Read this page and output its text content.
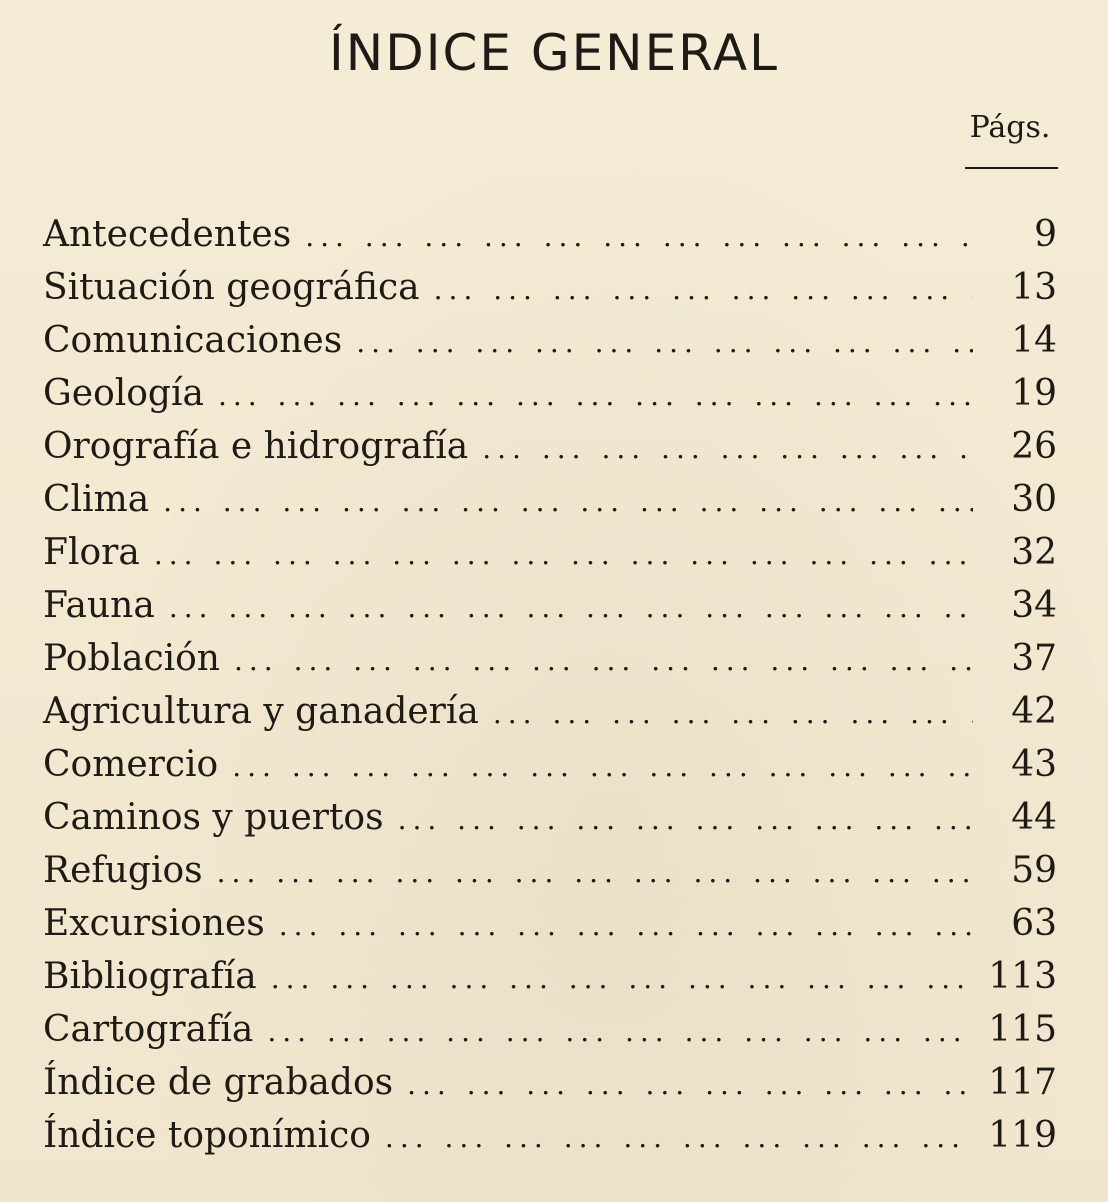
ÍNDICE GENERAL
Págs.
Antecedentes ... .	9
Situación geográfica ... .	13
Comunicaciones ... .	14
Geología ... .	19
Orografía e hidrografía ... .	26
Clima ... .	30
Flora ... .	32
Fauna ... .	34
Población ... .	37
Agricultura y ganadería ... .	42
Comercio ... .	43
Caminos y puertos ... .	44
Refugios ... .	59
Excursiones ... .	63
Bibliografía ... .	113
Cartografía ... .	115
Índice de grabados ... .	117
Índice toponímico ... .	119
